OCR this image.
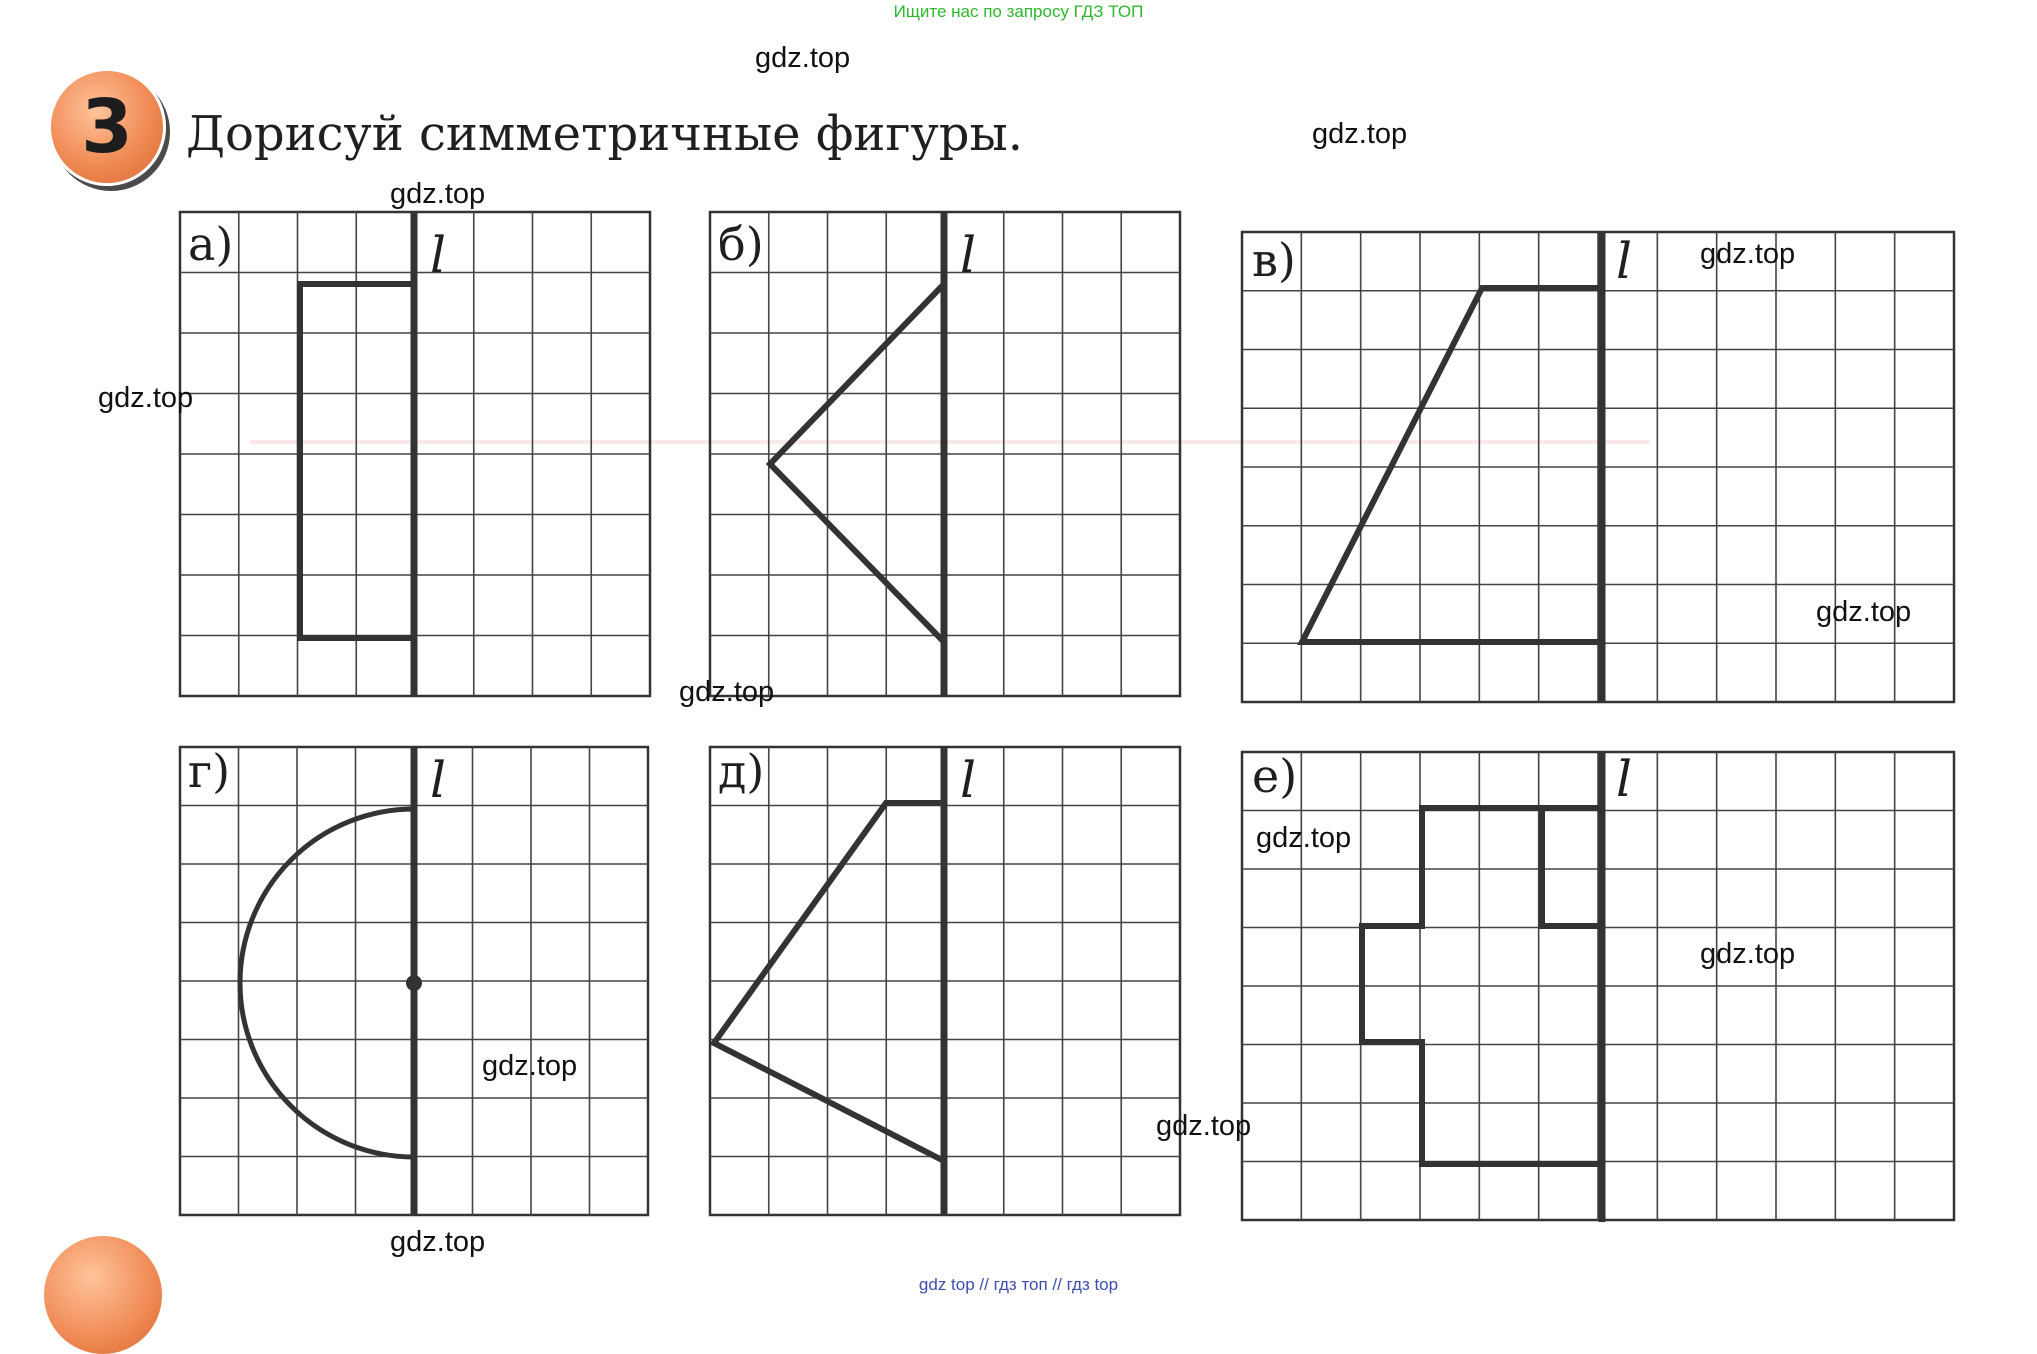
Ищите нас по запросу ГДЗ ТОП
3 Дорисуй симметричные фигуры.
а)	l	б)	l	в)	l
г)	l	д)	l	е)	l
gdz.top
gdz.top
gdz.top
gdz.top
gdz.top
gdz.top
gdz.top
gdz.top
gdz.top
gdz.top
gdz.top
gdz.top
gdz top // гдз топ // гдз top
